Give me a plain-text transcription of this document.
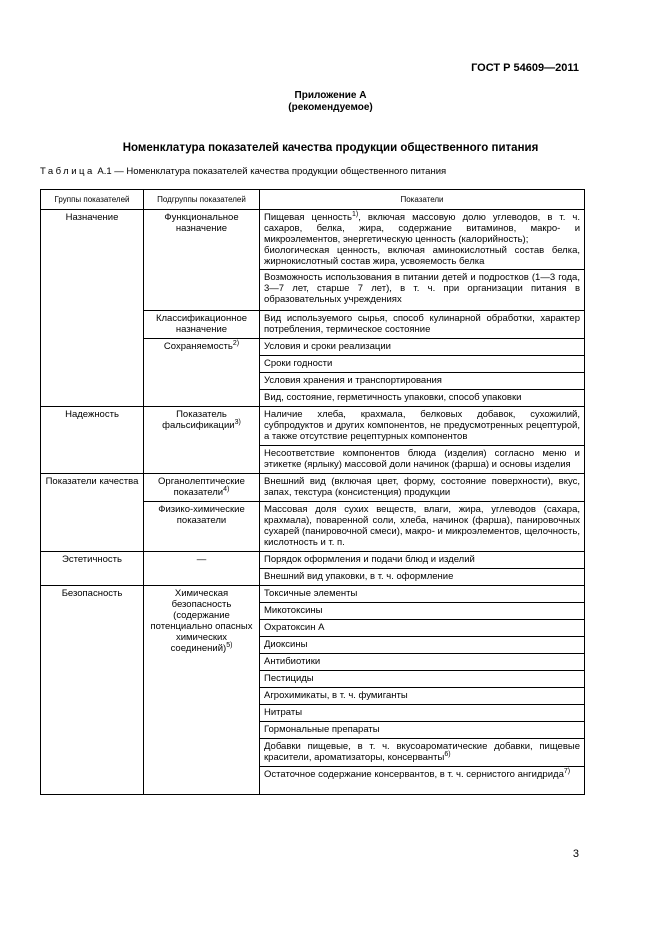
ГОСТ Р 54609—2011
Приложение А
(рекомендуемое)
Номенклатура показателей качества продукции общественного питания
Таблица А.1 — Номенклатура показателей качества продукции общественного питания
Группы показателей	Подгруппы показателей	Показатели
Назначение	Функциональное назначение	Пищевая ценность$^{1)}$, включая массовую долю углеводов, в т. ч. сахаров, белка, жира, содержание витаминов, макро- и микроэлементов, энергетическую ценность (калорийность);
биологическая ценность, включая аминокислотный состав белка, жирнокислотный состав жира, усвояемость белка
		Возможность использования в питании детей и подростков (1—3 года, 3—7 лет, старше 7 лет), в т. ч. при организации питания в образовательных учреждениях
	Классификационное назначение	Вид используемого сырья, способ кулинарной обработки, характер потребления, термическое состояние
	Сохраняемость$^{2)}$	Условия и сроки реализации
		Сроки годности
		Условия хранения и транспортирования
		Вид, состояние, герметичность упаковки, способ упаковки
Надежность	Показатель фальсификации$^{3)}$	Наличие хлеба, крахмала, белковых добавок, сухожилий, субпродуктов и других компонентов, не предусмотренных рецептурой, а также отсутствие рецептурных компонентов
		Несоответствие компонентов блюда (изделия) согласно меню и этикетке (ярлыку) массовой доли начинок (фарша) и основы изделия
Показатели качества	Органолептические показатели$^{4)}$	Внешний вид (включая цвет, форму, состояние поверхности), вкус, запах, текстура (консистенция) продукции
	Физико-химические показатели	Массовая доля сухих веществ, влаги, жира, углеводов (сахара, крахмала), поваренной соли, хлеба, начинок (фарша), панировочных сухарей (панировочной смеси), макро- и микроэлементов, щелочность, кислотность и т. п.
Эстетичность	—	Порядок оформления и подачи блюд и изделий
		Внешний вид упаковки, в т. ч. оформление
Безопасность	Химическая безопасность (содержание потенциально опасных химических соединений)$^{5)}$	Токсичные элементы
		Микотоксины
		Охратоксин А
		Диоксины
		Антибиотики
		Пестициды
		Агрохимикаты, в т. ч. фумиганты
		Нитраты
		Гормональные препараты
		Добавки пищевые, в т. ч. вкусоароматические добавки, пищевые красители, ароматизаторы, консерванты$^{6)}$
		Остаточное содержание консервантов, в т. ч. сернистого ангидрида$^{7)}$
3
